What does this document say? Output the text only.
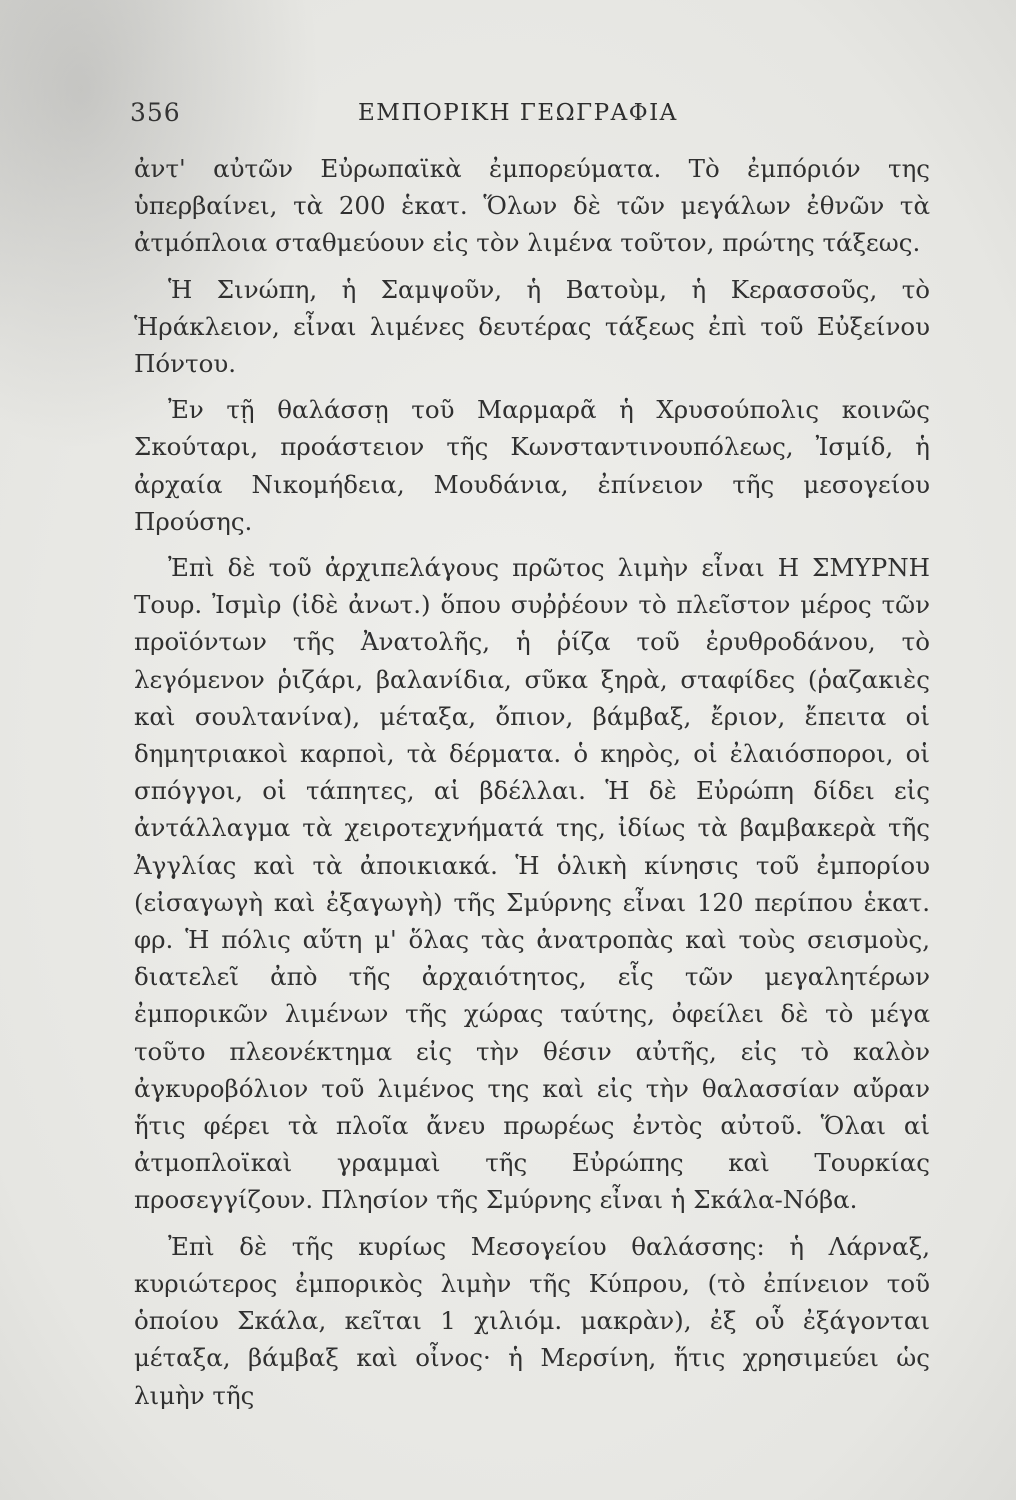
356	ΕΜΠΟΡΙΚΗ ΓΕΩΓΡΑΦΙΑ

ἀντ' αὐτῶν Εὐρωπαϊκὰ ἐμπορεύματα. Τὸ ἐμπόριόν της ὑπερβαίνει, τὰ 200 ἑκατ. Ὅλων δὲ τῶν μεγάλων ἐθνῶν τὰ ἀτμόπλοια σταθμεύουν εἰς τὸν λιμένα τοῦτον, πρώτης τάξεως.

Ἡ Σινώπη, ἡ Σαμψοῦν, ἡ Βατοὺμ, ἡ Κερασσοῦς, τὸ Ἡράκλειον, εἶναι λιμένες δευτέρας τάξεως ἐπὶ τοῦ Εὐξείνου Πόντου.

Ἐν τῇ θαλάσσῃ τοῦ Μαρμαρᾶ ἡ Χρυσούπολις κοινῶς Σκούταρι, προάστειον τῆς Κωνσταντινουπόλεως, Ἰσμίδ, ἡ ἀρχαία Νικομήδεια, Μουδάνια, ἐπίνειον τῆς μεσογείου Προύσης.

Ἐπὶ δὲ τοῦ ἀρχιπελάγους πρῶτος λιμὴν εἶναι Η ΣΜΥΡΝΗ Τουρ. Ἰσμὶρ (ἰδὲ ἀνωτ.) ὅπου συῤῥέουν τὸ πλεῖστον μέρος τῶν προϊόντων τῆς Ἀνατολῆς, ἡ ῥίζα τοῦ ἐρυθροδάνου, τὸ λεγόμενον ῥιζάρι, βαλανίδια, σῦκα ξηρὰ, σταφίδες (ῥαζακιὲς καὶ σουλτανίνα), μέταξα, ὄπιον, βάμβαξ, ἔριον, ἔπειτα οἱ δημητριακοὶ καρποὶ, τὰ δέρματα. ὁ κηρὸς, οἱ ἐλαιόσποροι, οἱ σπόγγοι, οἱ τάπητες, αἱ βδέλλαι. Ἡ δὲ Εὐρώπη δίδει εἰς ἀντάλλαγμα τὰ χειροτεχνήματά της, ἰδίως τὰ βαμβακερὰ τῆς Ἀγγλίας καὶ τὰ ἀποικιακά. Ἡ ὁλικὴ κίνησις τοῦ ἐμπορίου (εἰσαγωγὴ καὶ ἐξαγωγὴ) τῆς Σμύρνης εἶναι 120 περίπου ἑκατ. φρ. Ἡ πόλις αὕτη μ' ὅλας τὰς ἀνατροπὰς καὶ τοὺς σεισμοὺς, διατελεῖ ἀπὸ τῆς ἀρχαιότητος, εἷς τῶν μεγαλητέρων ἐμπορικῶν λιμένων τῆς χώρας ταύτης, ὀφείλει δὲ τὸ μέγα τοῦτο πλεονέκτημα εἰς τὴν θέσιν αὐτῆς, εἰς τὸ καλὸν ἀγκυροβόλιον τοῦ λιμένος της καὶ εἰς τὴν θαλασσίαν αὔραν ἥτις φέρει τὰ πλοῖα ἄνευ πρωρέως ἐντὸς αὐτοῦ. Ὅλαι αἱ ἀτμοπλοϊκαὶ γραμμαὶ τῆς Εὐρώπης καὶ Τουρκίας προσεγγίζουν. Πλησίον τῆς Σμύρνης εἶναι ἡ Σκάλα-Νόβα.

Ἐπὶ δὲ τῆς κυρίως Μεσογείου θαλάσσης: ἡ Λάρναξ, κυριώτερος ἐμπορικὸς λιμὴν τῆς Κύπρου, (τὸ ἐπίνειον τοῦ ὁποίου Σκάλα, κεῖται 1 χιλιόμ. μακρὰν), ἐξ οὗ ἐξάγονται μέταξα, βάμβαξ καὶ οἶνος· ἡ Μερσίνη, ἥτις χρησιμεύει ὡς λιμὴν τῆς
